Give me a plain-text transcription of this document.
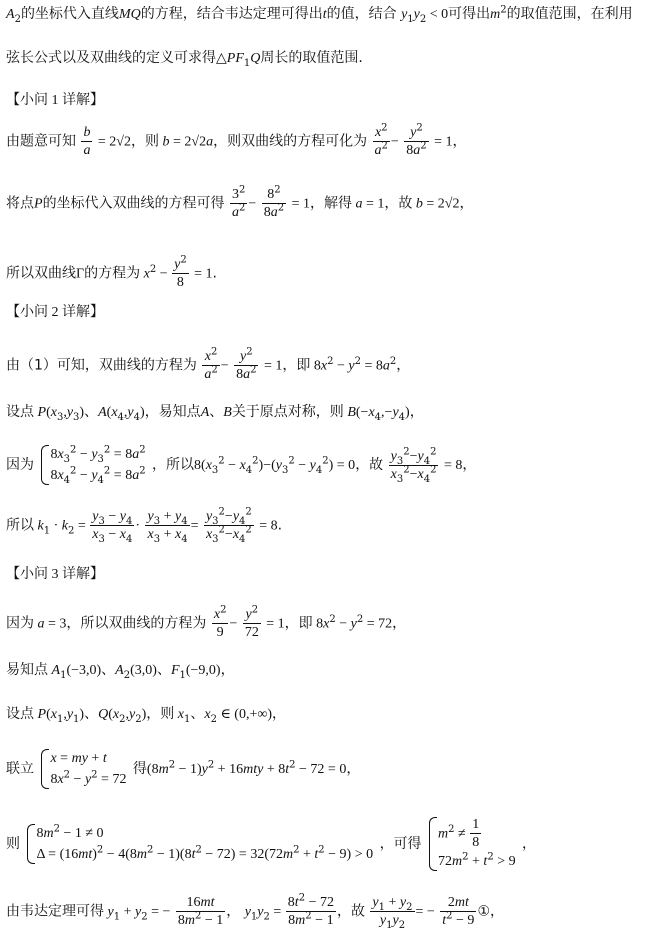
$A_2$的坐标代入直线MQ的方程，结合韦达定理可得出t的值，结合 $y_1y_2 < 0$可得出$m^2$的取值范围，在利用
弦长公式以及双曲线的定义可求得$\triangle PF_1Q$周长的取值范围.
【小问 1 详解】
由题意可知 $\frac{b}{a} = 2√2$，则 b = 2√2a，则双曲线的方程可化为 $\frac{x^2}{a^2} - \frac{y^2}{8a^2} = 1$，
将点P的坐标代入双曲线的方程可得 $\frac{3^2}{a^2} - \frac{8^2}{8a^2} = 1$，解得 a = 1，故 b = 2√2，
所以双曲线Γ的方程为 $x^2 - \frac{y^2}{8} = 1$.
【小问 2 详解】
由（1）可知，双曲线的方程为 $\frac{x^2}{a^2} - \frac{y^2}{8a^2} = 1$，即 $8x^2 - y^2 = 8a^2$，
设点 $P(x_3,y_3)$、$A(x_4,y_4)$，易知点A、B关于原点对称，则 $B(-x_4,-y_4)$，
因为
$8x_3^2 - y_3^2 = 8a^2$
$8x_4^2 - y_4^2 = 8a^2$ ，所以$8(x_3^2 - x_4^2)-(y_3^2 - y_4^2) = 0$，故 $\frac{y_3^2-y_4^2}{x_3^2-x_4^2} = 8$，
所以 $k_1 \cdot k_2 = \frac{y_3 - y_4}{x_3 - x_4} \cdot \frac{y_3 + y_4}{x_3 + x_4} = \frac{y_3^2-y_4^2}{x_3^2-x_4^2} = 8$.
【小问 3 详解】
因为 a = 3，所以双曲线的方程为 $\frac{x^2}{9} - \frac{y^2}{72} = 1$，即 $8x^2 - y^2 = 72$，
易知点 $A_1(-3,0)$、$A_2(3,0)$、$F_1(-9,0)$，
设点 $P(x_1,y_1)$、$Q(x_2,y_2)$，则 $x_1$、$x_2$ ∈ (0,+∞)，
联立
x = my + t
$8x^2 - y^2 = 72$
得$(8m^2 - 1)y^2 + 16mty + 8t^2 - 72 = 0$，
则
$8m^2 - 1 \ne 0$
$\Delta = (16mt)^2 - 4(8m^2 - 1)(8t^2 - 72) = 32(72m^2 + t^2 - 9) > 0$
，可得
$m^2 \ne \frac{1}{8}$
$72m^2 + t^2 > 9$
，
由韦达定理可得 $y_1 + y_2$ = − $\frac{16mt}{8m^2 - 1}$ ， $y_1y_2 = \frac{8t^2 - 72}{8m^2 - 1}$ ，故 $\frac{y_1 + y_2}{y_1y_2}$ = − $\frac{2mt}{t^2 - 9}$ ①，
